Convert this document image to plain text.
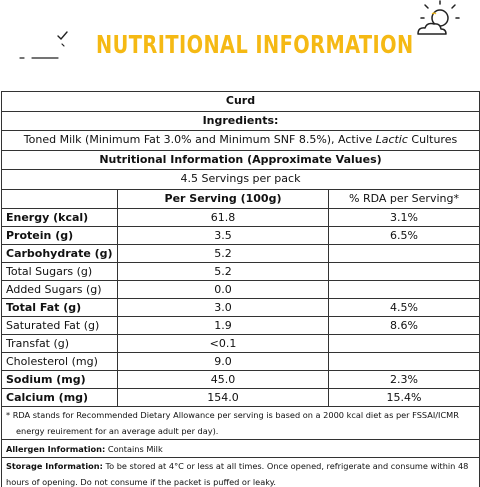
NUTRITIONAL INFORMATION
Curd		
Ingredients:		
Toned Milk (Minimum Fat 3.0% and Minimum SNF 8.5%), Active Lactic Cultures		
Nutritional Information (Approximate Values)		
4.5 Servings per pack		
	Per Serving (100g)	% RDA per Serving*
Energy (kcal)	61.8	3.1%
Protein (g)	3.5	6.5%
Carbohydrate (g)	5.2	
Total Sugars (g)	5.2	
Added Sugars (g)	0.0	
Total Fat (g)	3.0	4.5%
Saturated Fat (g)	1.9	8.6%
Transfat (g)	<0.1	
Cholesterol (mg)	9.0	
Sodium (mg)	45.0	2.3%
Calcium (mg)	154.0	15.4%
* RDA stands for Recommended Dietary Allowance per serving is based on a 2000 kcal diet as per FSSAI/ICMR
energy reuirement for an average adult per day).		

Allergen Information: Contains Milk		
Storage Information: To be stored at 4°C or less at all times. Once opened, refrigerate and consume within 48 hours of opening. Do not consume if the packet is puffed or leaky.		
